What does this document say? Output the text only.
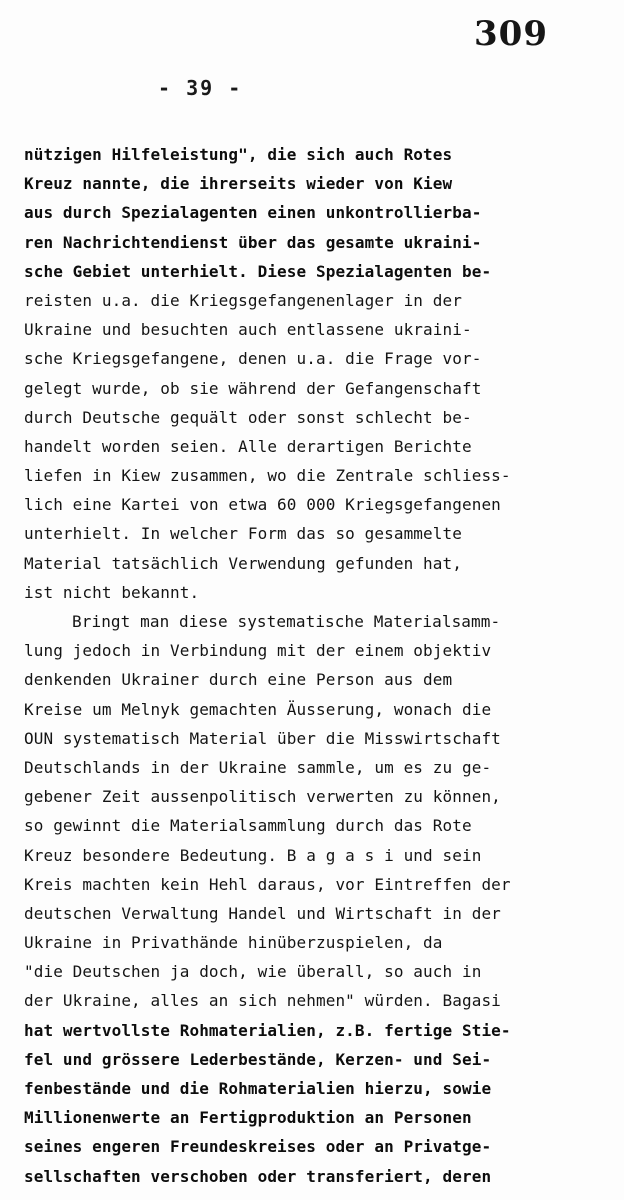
309
- 39 -
nützigen Hilfeleistung", die sich auch Rotes
Kreuz nannte, die ihrerseits wieder von Kiew
aus durch Spezialagenten einen unkontrollierba-
ren Nachrichtendienst über das gesamte ukraini-
sche Gebiet unterhielt. Diese Spezialagenten be-
reisten u.a. die Kriegsgefangenenlager in der
Ukraine und besuchten auch entlassene ukraini-
sche Kriegsgefangene, denen u.a. die Frage vor-
gelegt wurde, ob sie während der Gefangenschaft
durch Deutsche gequält oder sonst schlecht be-
handelt worden seien. Alle derartigen Berichte
liefen in Kiew zusammen, wo die Zentrale schliess-
lich eine Kartei von etwa 60 000 Kriegsgefangenen
unterhielt. In welcher Form das so gesammelte
Material tatsächlich Verwendung gefunden hat,
ist nicht bekannt.
Bringt man diese systematische Materialsamm-
lung jedoch in Verbindung mit der einem objektiv
denkenden Ukrainer durch eine Person aus dem
Kreise um Melnyk gemachten Äusserung, wonach die
OUN systematisch Material über die Misswirtschaft
Deutschlands in der Ukraine sammle, um es zu ge-
gebener Zeit aussenpolitisch verwerten zu können,
so gewinnt die Materialsammlung durch das Rote
Kreuz besondere Bedeutung. B a g a s i und sein
Kreis machten kein Hehl daraus, vor Eintreffen der
deutschen Verwaltung Handel und Wirtschaft in der
Ukraine in Privathände hinüberzuspielen, da
"die Deutschen ja doch, wie überall, so auch in
der Ukraine, alles an sich nehmen" würden. Bagasi
hat wertvollste Rohmaterialien, z.B. fertige Stie-
fel und grössere Lederbestände, Kerzen- und Sei-
fenbestände und die Rohmaterialien hierzu, sowie
Millionenwerte an Fertigproduktion an Personen
seines engeren Freundeskreises oder an Privatge-
sellschaften verschoben oder transferiert, deren
